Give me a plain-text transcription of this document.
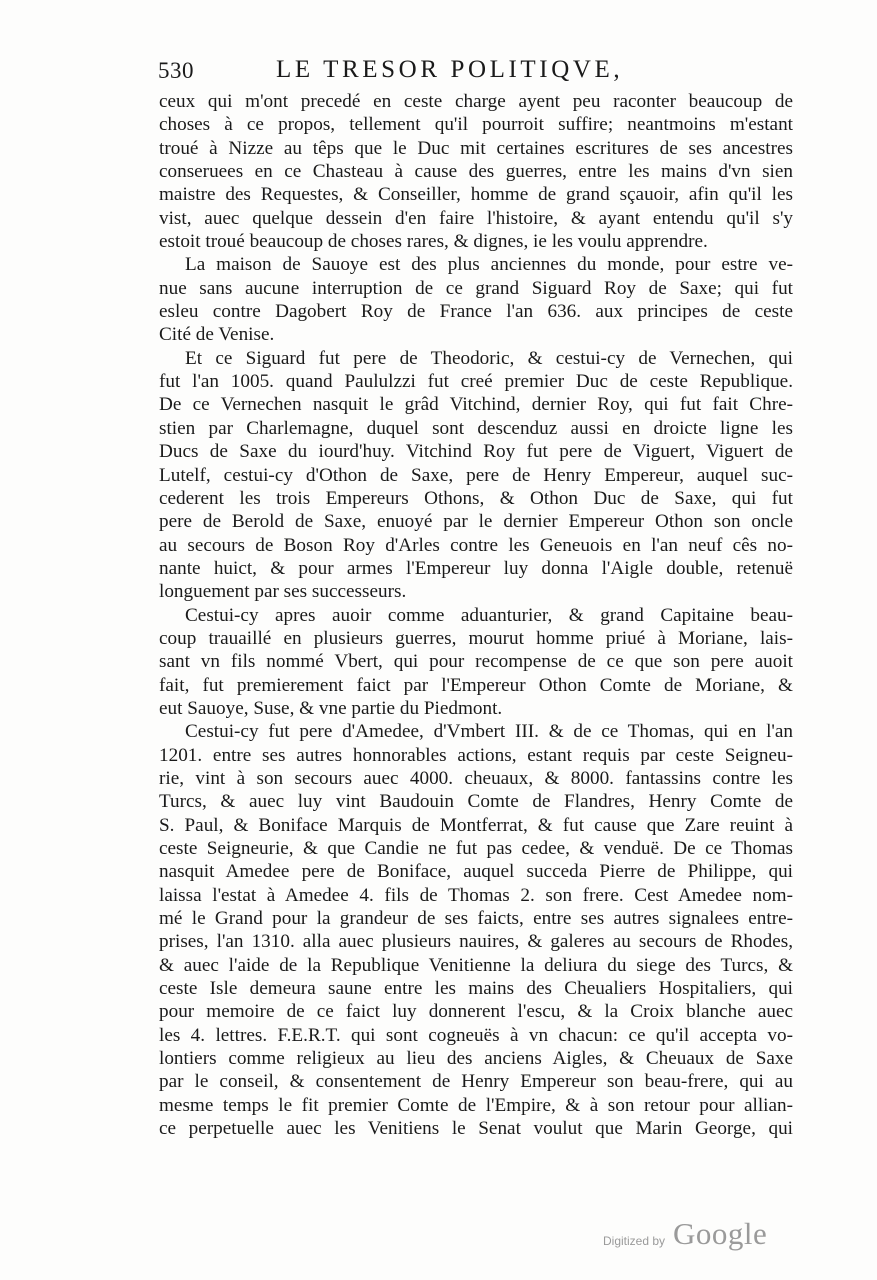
530	LE TRESOR POLITIQVE,
ceux qui m'ont precedé en ceste charge ayent peu raconter beaucoup de
choses à ce propos, tellement qu'il pourroit suffire; neantmoins m'estant
troué à Nizze au têps que le Duc mit certaines escritures de ses ancestres
conseruees en ce Chasteau à cause des guerres, entre les mains d'vn sien
maistre des Requestes, & Conseiller, homme de grand sçauoir, afin qu'il les
vist, auec quelque dessein d'en faire l'histoire, & ayant entendu qu'il s'y
estoit troué beaucoup de choses rares, & dignes, ie les voulu apprendre.
La maison de Sauoye est des plus anciennes du monde, pour estre ve-
nue sans aucune interruption de ce grand Siguard Roy de Saxe; qui fut
esleu contre Dagobert Roy de France l'an 636. aux principes de ceste
Cité de Venise.
Et ce Siguard fut pere de Theodoric, & cestui-cy de Vernechen, qui
fut l'an 1005. quand Paululzzi fut creé premier Duc de ceste Republique.
De ce Vernechen nasquit le grâd Vitchind, dernier Roy, qui fut fait Chre-
stien par Charlemagne, duquel sont descenduz aussi en droicte ligne les
Ducs de Saxe du iourd'huy. Vitchind Roy fut pere de Viguert, Viguert de
Lutelf, cestui-cy d'Othon de Saxe, pere de Henry Empereur, auquel suc-
cederent les trois Empereurs Othons, & Othon Duc de Saxe, qui fut
pere de Berold de Saxe, enuoyé par le dernier Empereur Othon son oncle
au secours de Boson Roy d'Arles contre les Geneuois en l'an neuf cês no-
nante huict, & pour armes l'Empereur luy donna l'Aigle double, retenuë
longuement par ses successeurs.
Cestui-cy apres auoir comme aduanturier, & grand Capitaine beau-
coup trauaillé en plusieurs guerres, mourut homme priué à Moriane, lais-
sant vn fils nommé Vbert, qui pour recompense de ce que son pere auoit
fait, fut premierement faict par l'Empereur Othon Comte de Moriane, &
eut Sauoye, Suse, & vne partie du Piedmont.
Cestui-cy fut pere d'Amedee, d'Vmbert III. & de ce Thomas, qui en l'an
1201. entre ses autres honnorables actions, estant requis par ceste Seigneu-
rie, vint à son secours auec 4000. cheuaux, & 8000. fantassins contre les
Turcs, & auec luy vint Baudouin Comte de Flandres, Henry Comte de
S. Paul, & Boniface Marquis de Montferrat, & fut cause que Zare reuint à
ceste Seigneurie, & que Candie ne fut pas cedee, & venduë. De ce Thomas
nasquit Amedee pere de Boniface, auquel succeda Pierre de Philippe, qui
laissa l'estat à Amedee 4. fils de Thomas 2. son frere. Cest Amedee nom-
mé le Grand pour la grandeur de ses faicts, entre ses autres signalees entre-
prises, l'an 1310. alla auec plusieurs nauires, & galeres au secours de Rhodes,
& auec l'aide de la Republique Venitienne la deliura du siege des Turcs, &
ceste Isle demeura saune entre les mains des Cheualiers Hospitaliers, qui
pour memoire de ce faict luy donnerent l'escu, & la Croix blanche auec
les 4. lettres. F.E.R.T. qui sont cogneuës à vn chacun: ce qu'il accepta vo-
lontiers comme religieux au lieu des anciens Aigles, & Cheuaux de Saxe
par le conseil, & consentement de Henry Empereur son beau-frere, qui au
mesme temps le fit premier Comte de l'Empire, & à son retour pour allian-
ce perpetuelle auec les Venitiens le Senat voulut que Marin George, qui
Digitized by Google
